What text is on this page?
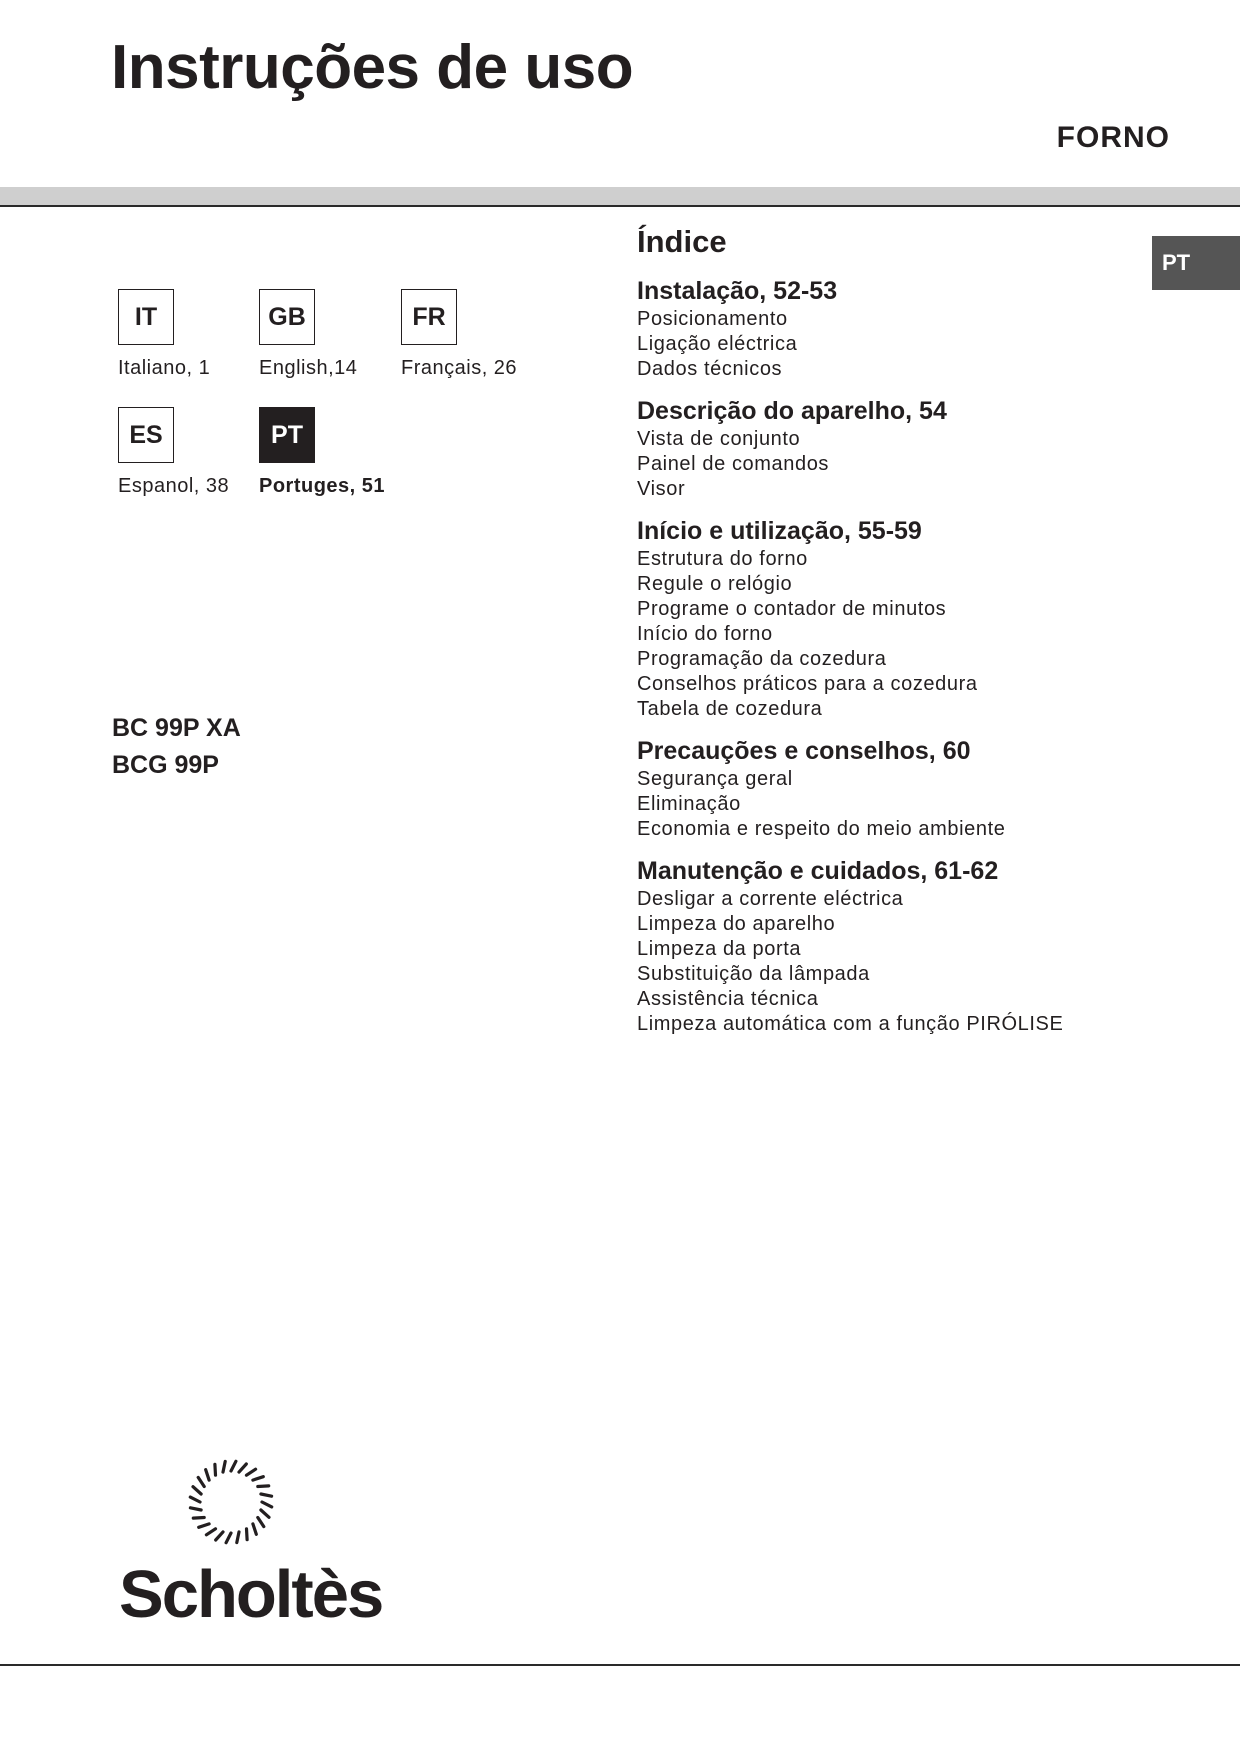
Instruções de uso
FORNO
PT
IT
Italiano, 1
GB
English,14
FR
Français, 26
ES
Espanol, 38
PT
Portuges, 51
BC 99P XA
BCG 99P
Índice
Instalação, 52-53
Posicionamento
Ligação eléctrica
Dados técnicos
Descrição do aparelho, 54
Vista de conjunto
Painel de comandos
Visor
Início e utilização, 55-59
Estrutura do forno
Regule o relógio
Programe o contador de minutos
Início do forno
Programação da cozedura
Conselhos práticos para a cozedura
Tabela de cozedura
Precauções e conselhos, 60
Segurança geral
Eliminação
Economia e respeito do meio ambiente
Manutenção e cuidados, 61-62
Desligar a corrente eléctrica
Limpeza do aparelho
Limpeza da porta
Substituição da lâmpada
Assistência técnica
Limpeza automática com a função PIRÓLISE
Scholtès
